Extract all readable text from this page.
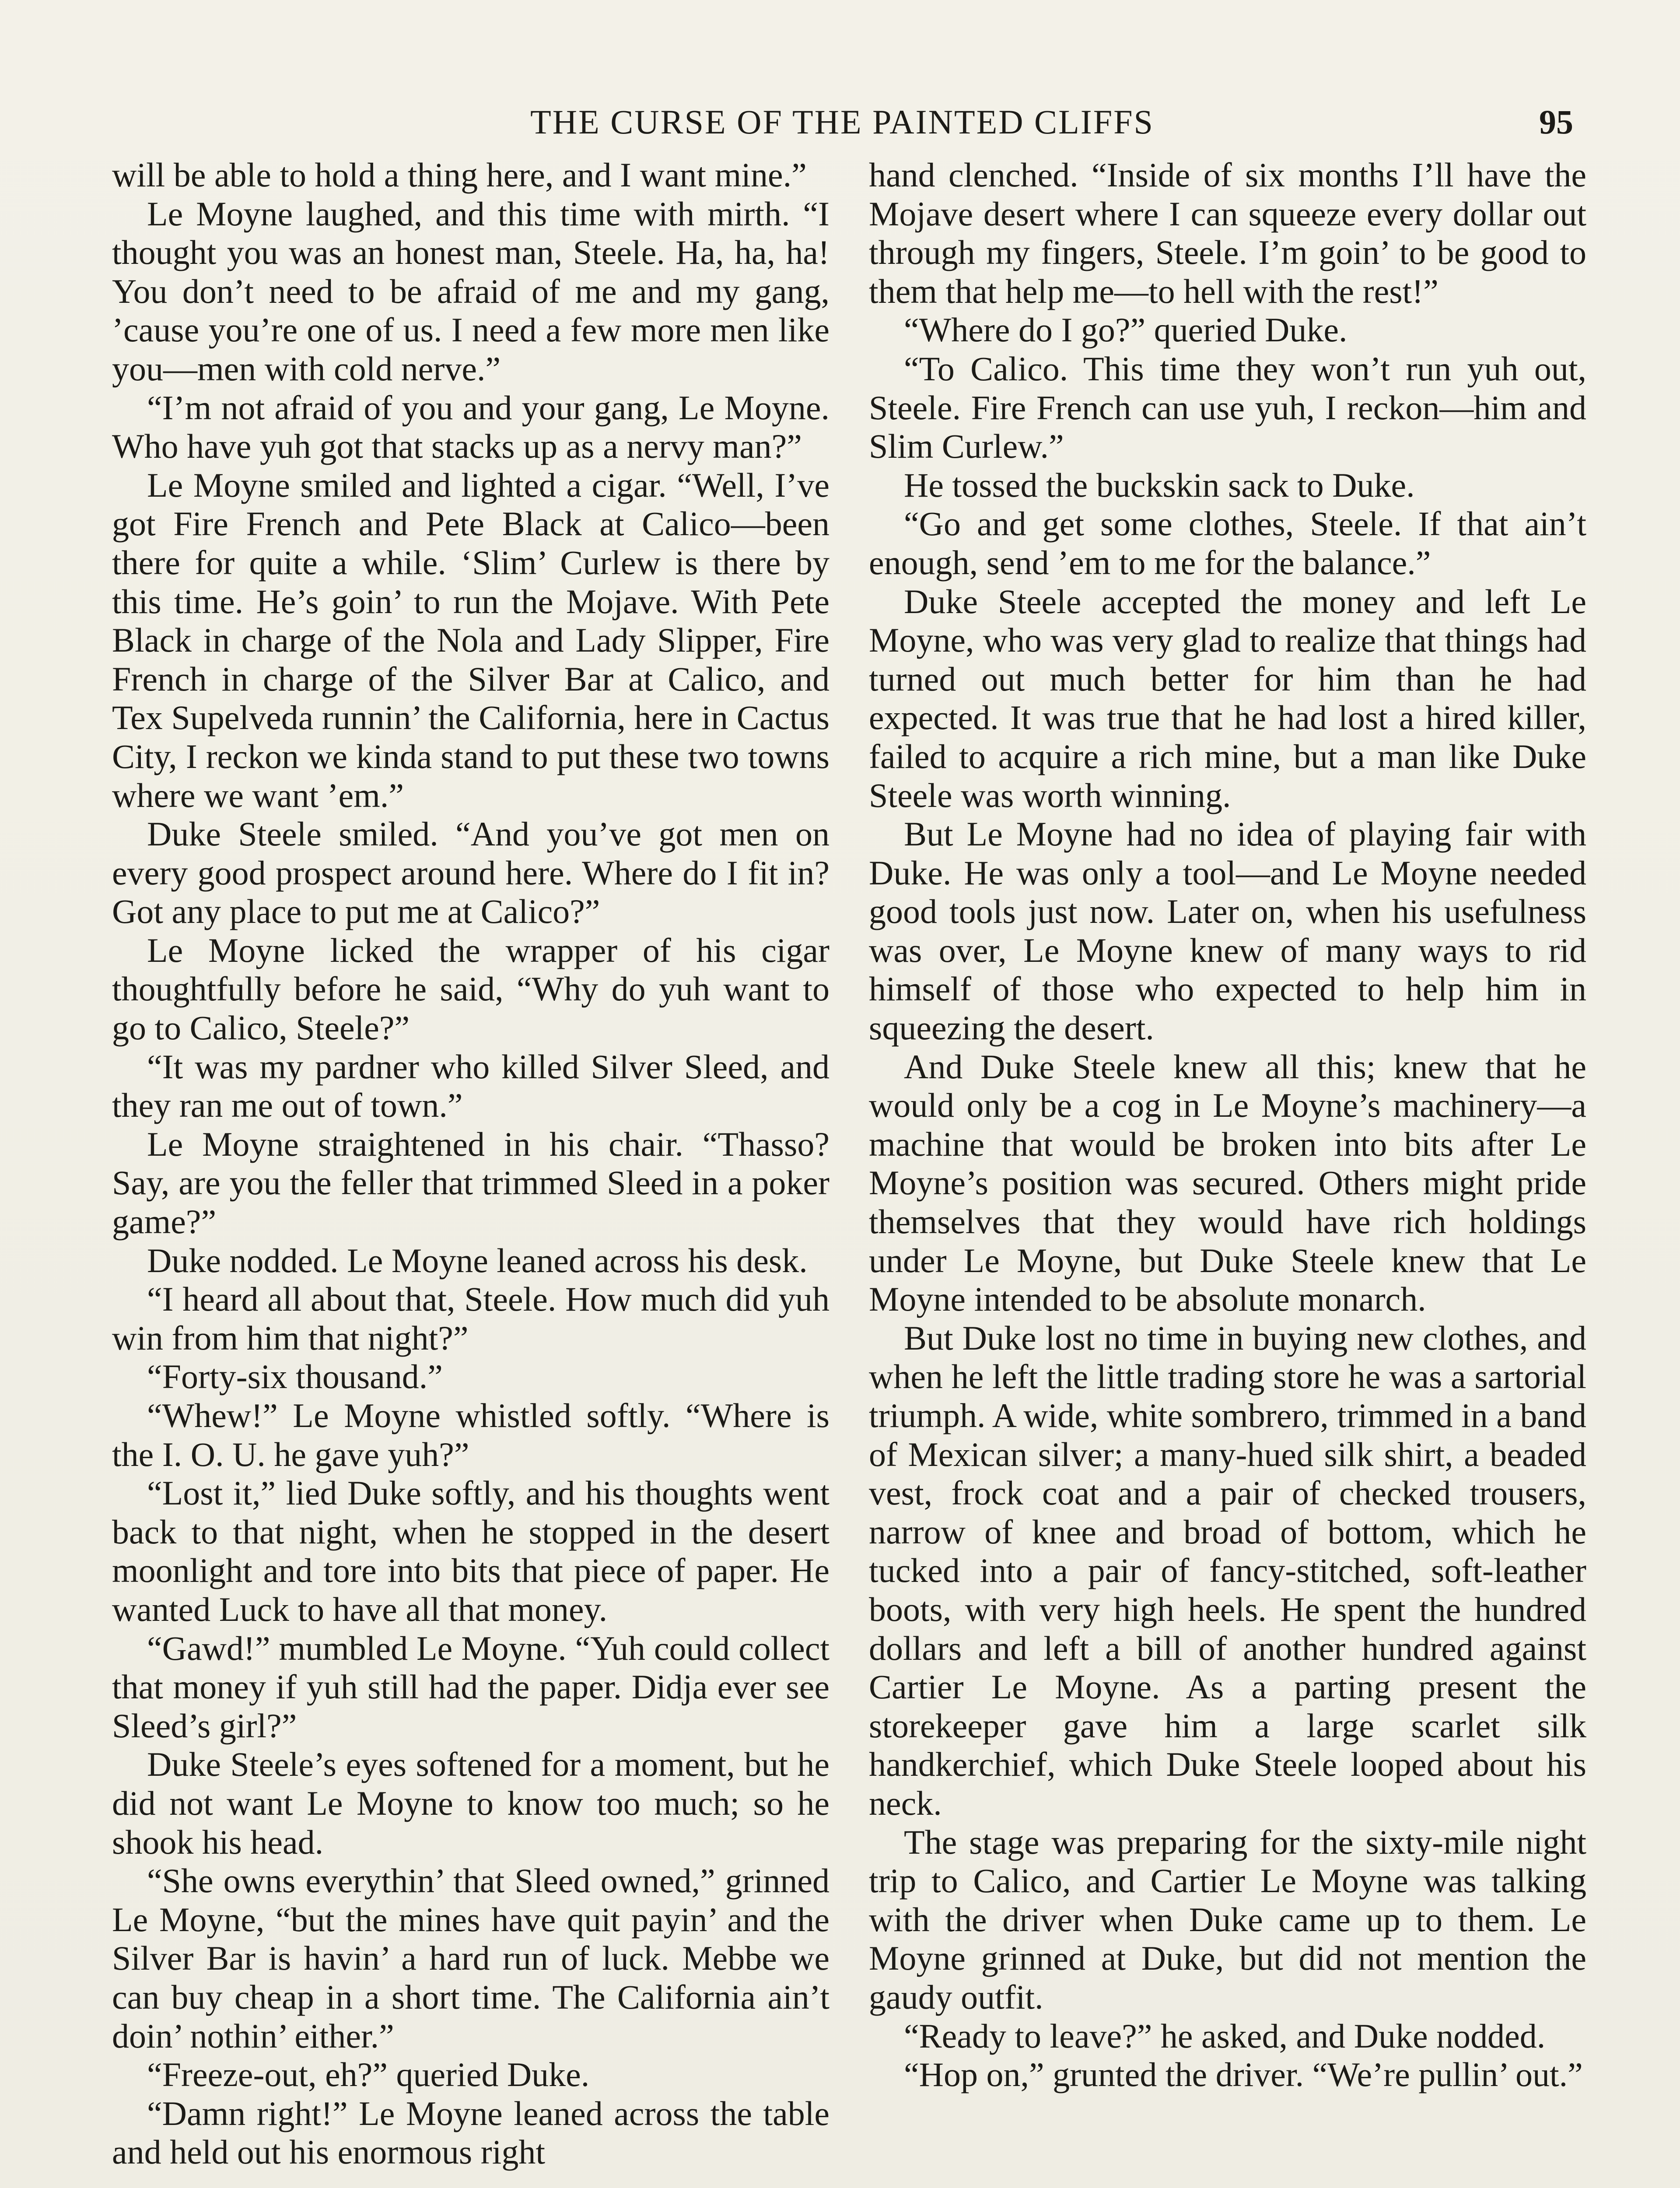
THE CURSE OF THE PAINTED CLIFFS	95

will be able to hold a thing here, and I want mine.”

Le Moyne laughed, and this time with mirth. “I thought you was an honest man, Steele. Ha, ha, ha! You don’t need to be afraid of me and my gang, ’cause you’re one of us. I need a few more men like you—men with cold nerve.”

“I’m not afraid of you and your gang, Le Moyne. Who have yuh got that stacks up as a nervy man?”

Le Moyne smiled and lighted a cigar. “Well, I’ve got Fire French and Pete Black at Calico—been there for quite a while. ‘Slim’ Curlew is there by this time. He’s goin’ to run the Mojave. With Pete Black in charge of the Nola and Lady Slipper, Fire French in charge of the Silver Bar at Calico, and Tex Supelveda runnin’ the California, here in Cactus City, I reckon we kinda stand to put these two towns where we want ’em.”

Duke Steele smiled. “And you’ve got men on every good prospect around here. Where do I fit in? Got any place to put me at Calico?”

Le Moyne licked the wrapper of his cigar thoughtfully before he said, “Why do yuh want to go to Calico, Steele?”

“It was my pardner who killed Silver Sleed, and they ran me out of town.”

Le Moyne straightened in his chair. “Thasso? Say, are you the feller that trimmed Sleed in a poker game?”

Duke nodded. Le Moyne leaned across his desk.

“I heard all about that, Steele. How much did yuh win from him that night?”

“Forty-six thousand.”

“Whew!” Le Moyne whistled softly. “Where is the I. O. U. he gave yuh?”

“Lost it,” lied Duke softly, and his thoughts went back to that night, when he stopped in the desert moonlight and tore into bits that piece of paper. He wanted Luck to have all that money.

“Gawd!” mumbled Le Moyne. “Yuh could collect that money if yuh still had the paper. Didja ever see Sleed’s girl?”

Duke Steele’s eyes softened for a moment, but he did not want Le Moyne to know too much; so he shook his head.

“She owns everythin’ that Sleed owned,” grinned Le Moyne, “but the mines have quit payin’ and the Silver Bar is havin’ a hard run of luck. Mebbe we can buy cheap in a short time. The California ain’t doin’ nothin’ either.”

“Freeze-out, eh?” queried Duke.

“Damn right!” Le Moyne leaned across the table and held out his enormous right

hand clenched. “Inside of six months I’ll have the Mojave desert where I can squeeze every dollar out through my fingers, Steele. I’m goin’ to be good to them that help me—to hell with the rest!”

“Where do I go?” queried Duke.

“To Calico. This time they won’t run yuh out, Steele. Fire French can use yuh, I reckon—him and Slim Curlew.”

He tossed the buckskin sack to Duke.

“Go and get some clothes, Steele. If that ain’t enough, send ’em to me for the balance.”

Duke Steele accepted the money and left Le Moyne, who was very glad to realize that things had turned out much better for him than he had expected. It was true that he had lost a hired killer, failed to acquire a rich mine, but a man like Duke Steele was worth winning.

But Le Moyne had no idea of playing fair with Duke. He was only a tool—and Le Moyne needed good tools just now. Later on, when his usefulness was over, Le Moyne knew of many ways to rid himself of those who expected to help him in squeezing the desert.

And Duke Steele knew all this; knew that he would only be a cog in Le Moyne’s machinery—a machine that would be broken into bits after Le Moyne’s position was secured. Others might pride themselves that they would have rich holdings under Le Moyne, but Duke Steele knew that Le Moyne intended to be absolute monarch.

But Duke lost no time in buying new clothes, and when he left the little trading store he was a sartorial triumph. A wide, white sombrero, trimmed in a band of Mexican silver; a many-hued silk shirt, a beaded vest, frock coat and a pair of checked trousers, narrow of knee and broad of bottom, which he tucked into a pair of fancy-stitched, soft-leather boots, with very high heels. He spent the hundred dollars and left a bill of another hundred against Cartier Le Moyne. As a parting present the storekeeper gave him a large scarlet silk handkerchief, which Duke Steele looped about his neck.

The stage was preparing for the sixty-mile night trip to Calico, and Cartier Le Moyne was talking with the driver when Duke came up to them. Le Moyne grinned at Duke, but did not mention the gaudy outfit.

“Ready to leave?” he asked, and Duke nodded.

“Hop on,” grunted the driver. “We’re pullin’ out.”
